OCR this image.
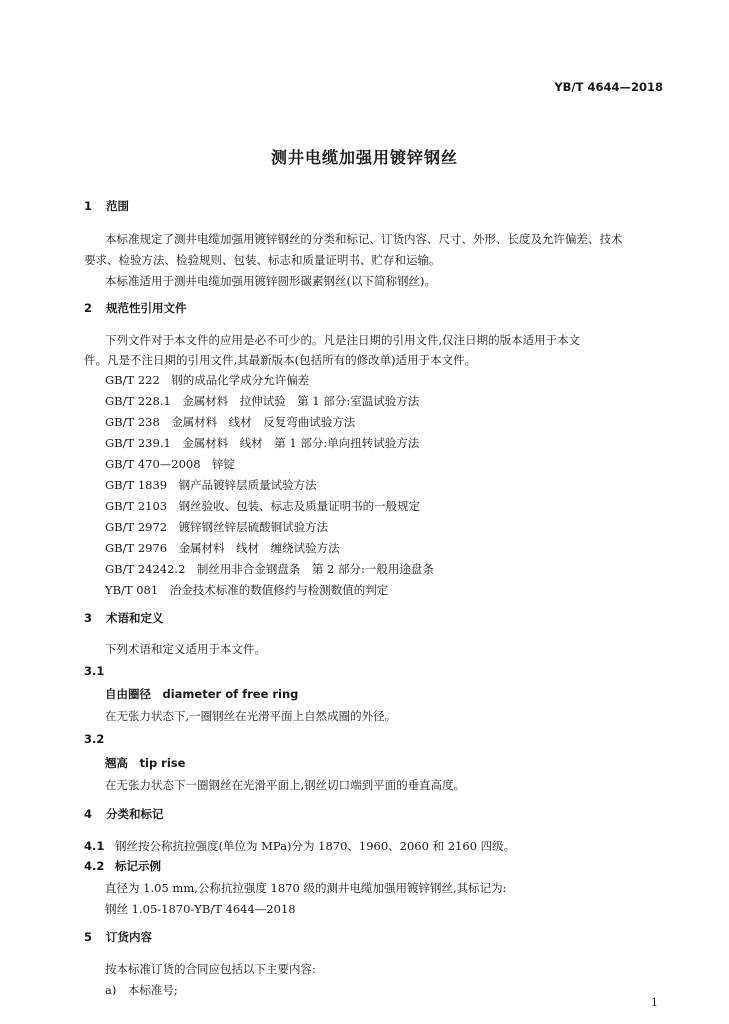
YB/T 4644—2018
测井电缆加强用镀锌钢丝
1 范围
本标准规定了测井电缆加强用镀锌钢丝的分类和标记、订货内容、尺寸、外形、长度及允许偏差、技术
要求、检验方法、检验规则、包装、标志和质量证明书、贮存和运输。
本标准适用于测井电缆加强用镀锌圆形碳素钢丝(以下简称钢丝)。
2 规范性引用文件
下列文件对于本文件的应用是必不可少的。凡是注日期的引用文件,仅注日期的版本适用于本文
件。凡是不注日期的引用文件,其最新版本(包括所有的修改单)适用于本文件。
GB/T 222　钢的成品化学成分允许偏差
GB/T 228.1　金属材料　拉伸试验　第 1 部分:室温试验方法
GB/T 238　金属材料　线材　反复弯曲试验方法
GB/T 239.1　金属材料　线材　第 1 部分:单向扭转试验方法
GB/T 470—2008　锌锭
GB/T 1839　钢产品镀锌层质量试验方法
GB/T 2103　钢丝验收、包装、标志及质量证明书的一般规定
GB/T 2972　镀锌钢丝锌层硫酸铜试验方法
GB/T 2976　金属材料　线材　缠绕试验方法
GB/T 24242.2　制丝用非合金钢盘条　第 2 部分:一般用途盘条
YB/T 081　冶金技术标准的数值修约与检测数值的判定
3 术语和定义
下列术语和定义适用于本文件。
3.1
自由圈径　diameter of free ring
在无张力状态下,一圈钢丝在光滑平面上自然成圈的外径。
3.2
翘高　tip rise
在无张力状态下一圈钢丝在光滑平面上,钢丝切口端到平面的垂直高度。
4 分类和标记
4.1 钢丝按公称抗拉强度(单位为 MPa)分为 1870、1960、2060 和 2160 四级。
4.2 标记示例
直径为 1.05 mm,公称抗拉强度 1870 级的测井电缆加强用镀锌钢丝,其标记为:
钢丝 1.05-1870-YB/T 4644—2018
5 订货内容
按本标准订货的合同应包括以下主要内容:
a)　本标准号;
1
